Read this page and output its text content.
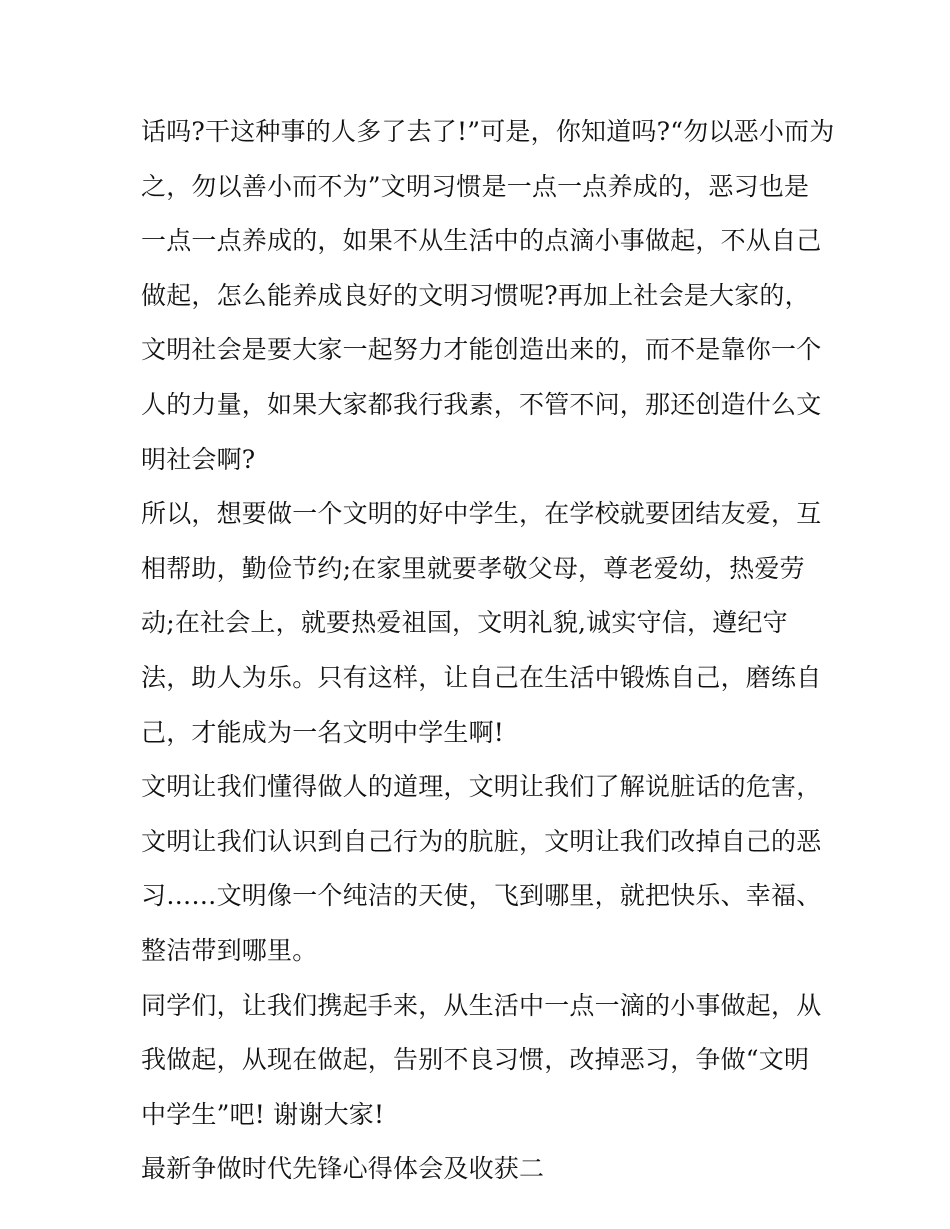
话吗?干这种事的人多了去了!”可是，你知道吗?“勿以恶小而为
之，勿以善小而不为”文明习惯是一点一点养成的，恶习也是
一点一点养成的，如果不从生活中的点滴小事做起，不从自己
做起，怎么能养成良好的文明习惯呢?再加上社会是大家的，
文明社会是要大家一起努力才能创造出来的，而不是靠你一个
人的力量，如果大家都我行我素，不管不问，那还创造什么文
明社会啊?
所以，想要做一个文明的好中学生，在学校就要团结友爱，互
相帮助，勤俭节约;在家里就要孝敬父母，尊老爱幼，热爱劳
动;在社会上，就要热爱祖国，文明礼貌,诚实守信，遵纪守
法，助人为乐。只有这样，让自己在生活中锻炼自己，磨练自
己，才能成为一名文明中学生啊!
文明让我们懂得做人的道理，文明让我们了解说脏话的危害，
文明让我们认识到自己行为的肮脏，文明让我们改掉自己的恶
习……文明像一个纯洁的天使，飞到哪里，就把快乐、幸福、
整洁带到哪里。
同学们，让我们携起手来，从生活中一点一滴的小事做起，从
我做起，从现在做起，告别不良习惯，改掉恶习，争做“文明
中学生”吧! 谢谢大家!
最新争做时代先锋心得体会及收获二
